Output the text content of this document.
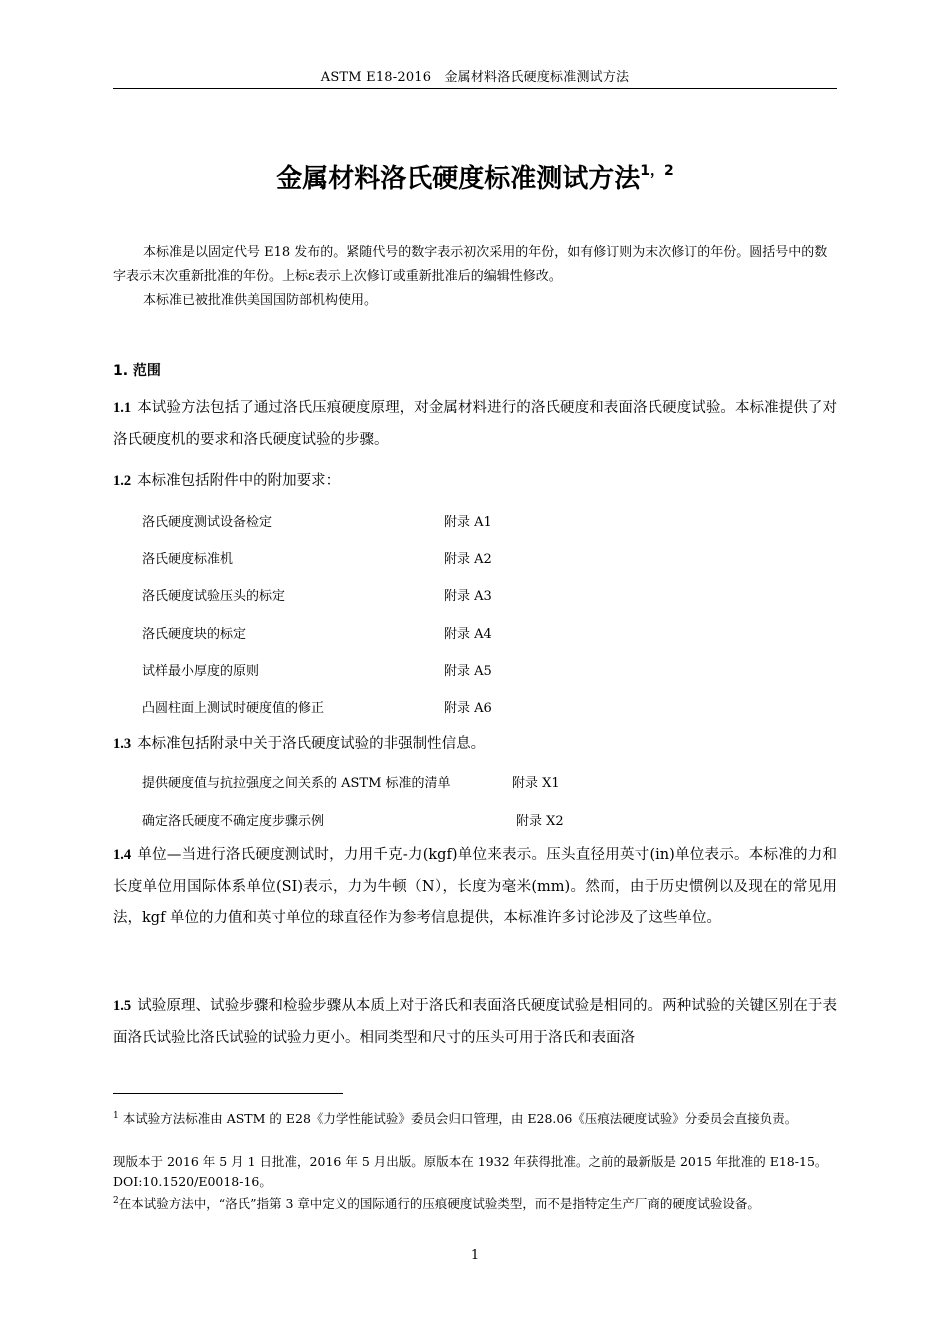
ASTM E18-2016　金属材料洛氏硬度标准测试方法
金属材料洛氏硬度标准测试方法$^{1,2}$
本标准是以固定代号 E18 发布的。紧随代号的数字表示初次采用的年份，如有修订则为末次修订的年份。圆括号中的数字表示末次重新批准的年份。上标ε表示上次修订或重新批准后的编辑性修改。
本标准已被批准供美国国防部机构使用。
1. 范围
1.1 本试验方法包括了通过洛氏压痕硬度原理，对金属材料进行的洛氏硬度和表面洛氏硬度试验。本标准提供了对洛氏硬度机的要求和洛氏硬度试验的步骤。
1.2 本标准包括附件中的附加要求：
洛氏硬度测试设备检定	附录 A1
洛氏硬度标准机	附录 A2
洛氏硬度试验压头的标定	附录 A3
洛氏硬度块的标定	附录 A4
试样最小厚度的原则	附录 A5
凸圆柱面上测试时硬度值的修正	附录 A6
1.3 本标准包括附录中关于洛氏硬度试验的非强制性信息。
提供硬度值与抗拉强度之间关系的 ASTM 标准的清单	附录 X1
确定洛氏硬度不确定度步骤示例	附录 X2
1.4 单位—当进行洛氏硬度测试时，力用千克-力(kgf)单位来表示。压头直径用英寸(in)单位表示。本标准的力和长度单位用国际体系单位(SI)表示，力为牛顿（N），长度为毫米(mm)。然而，由于历史惯例以及现在的常见用法，kgf 单位的力值和英寸单位的球直径作为参考信息提供，本标准许多讨论涉及了这些单位。
1.5 试验原理、试验步骤和检验步骤从本质上对于洛氏和表面洛氏硬度试验是相同的。两种试验的关键区别在于表面洛氏试验比洛氏试验的试验力更小。相同类型和尺寸的压头可用于洛氏和表面洛
$^1$ 本试验方法标准由 ASTM 的 E28《力学性能试验》委员会归口管理，由 E28.06《压痕法硬度试验》分委员会直接负责。
现版本于 2016 年 5 月 1 日批准，2016 年 5 月出版。原版本在 1932 年获得批准。之前的最新版是 2015 年批准的 E18-15。DOI:10.1520/E0018-16。
$^2$在本试验方法中，“洛氏”指第 3 章中定义的国际通行的压痕硬度试验类型，而不是指特定生产厂商的硬度试验设备。
1
